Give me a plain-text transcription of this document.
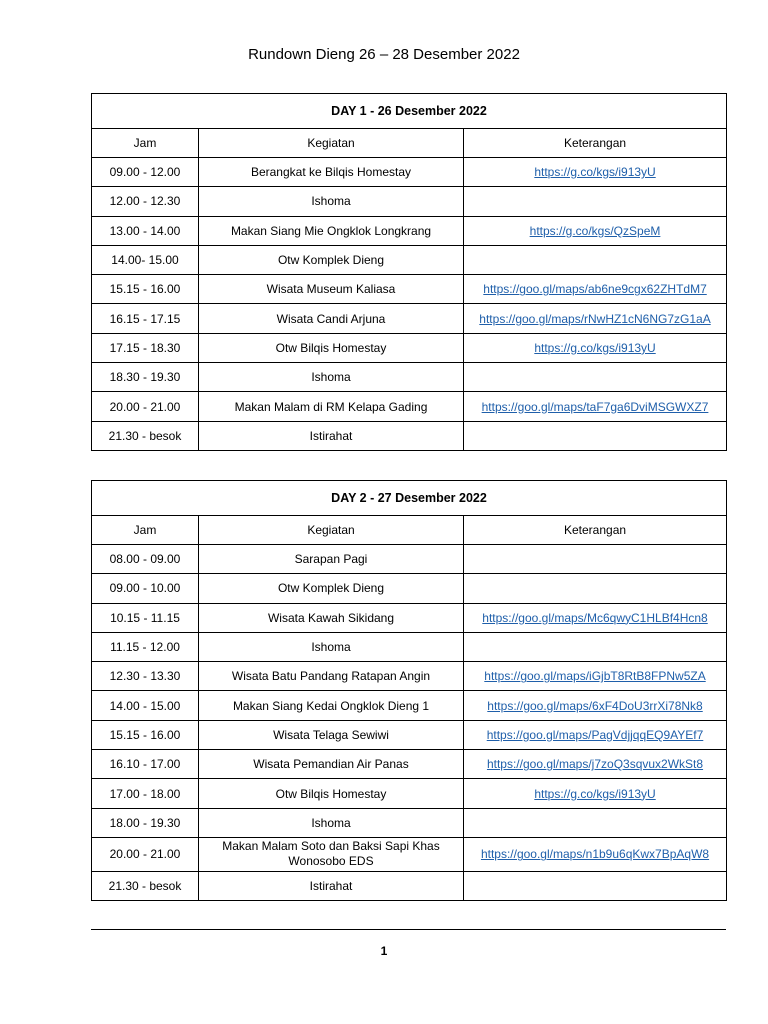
Rundown Dieng 26 – 28 Desember 2022
DAY 1 - 26 Desember 2022		
Jam	Kegiatan	Keterangan
09.00 - 12.00	Berangkat ke Bilqis Homestay	https://g.co/kgs/i913yU
12.00 - 12.30	Ishoma	
13.00 - 14.00	Makan Siang Mie Ongklok Longkrang	https://g.co/kgs/QzSpeM
14.00- 15.00	Otw Komplek Dieng	
15.15 - 16.00	Wisata Museum Kaliasa	https://goo.gl/maps/ab6ne9cgx62ZHTdM7
16.15 - 17.15	Wisata Candi Arjuna	https://goo.gl/maps/rNwHZ1cN6NG7zG1aA
17.15 - 18.30	Otw Bilqis Homestay	https://g.co/kgs/i913yU
18.30 - 19.30	Ishoma	
20.00 - 21.00	Makan Malam di RM Kelapa Gading	https://goo.gl/maps/taF7ga6DviMSGWXZ7
21.30 - besok	Istirahat	
DAY 2 - 27 Desember 2022		
Jam	Kegiatan	Keterangan
08.00 - 09.00	Sarapan Pagi	
09.00 - 10.00	Otw Komplek Dieng	
10.15 - 11.15	Wisata Kawah Sikidang	https://goo.gl/maps/Mc6qwyC1HLBf4Hcn8
11.15 - 12.00	Ishoma	
12.30 - 13.30	Wisata Batu Pandang Ratapan Angin	https://goo.gl/maps/iGjbT8RtB8FPNw5ZA
14.00 - 15.00	Makan Siang Kedai Ongklok Dieng 1	https://goo.gl/maps/6xF4DoU3rrXi78Nk8
15.15 - 16.00	Wisata Telaga Sewiwi	https://goo.gl/maps/PagVdjjqqEQ9AYEf7
16.10 - 17.00	Wisata Pemandian Air Panas	https://goo.gl/maps/j7zoQ3sqvux2WkSt8
17.00 - 18.00	Otw Bilqis Homestay	https://g.co/kgs/i913yU
18.00 - 19.30	Ishoma	
20.00 - 21.00	Makan Malam Soto dan Baksi Sapi Khas Wonosobo EDS	https://goo.gl/maps/n1b9u6qKwx7BpAqW8
21.30 - besok	Istirahat	
1
